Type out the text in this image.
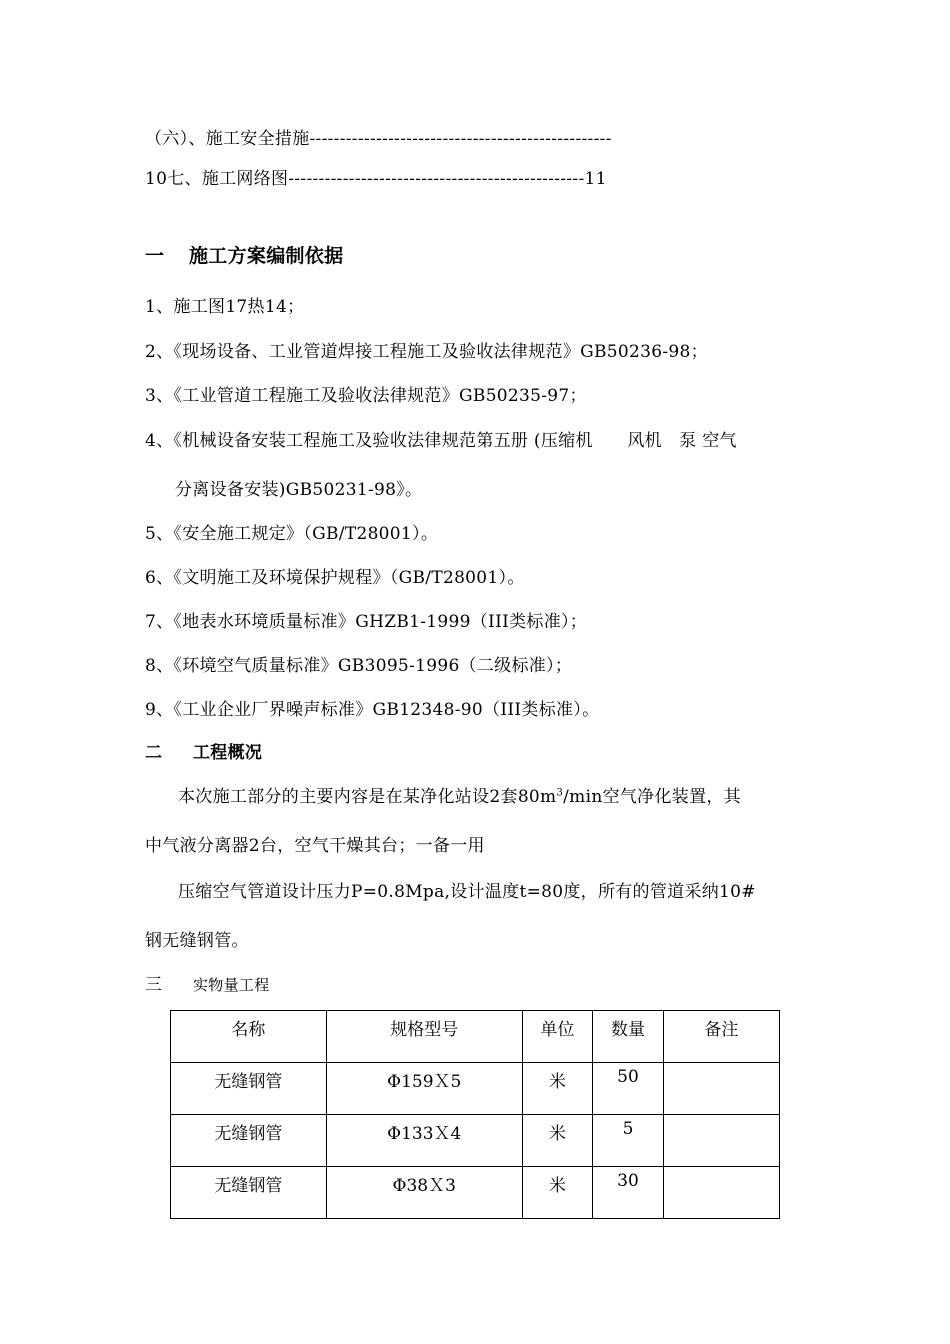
（六）、施工安全措施--------------------------------------------------
10七、施工网络图-------------------------------------------------11
一 施工方案编制依据
1、施工图17热14；
2、《现场设备、工业管道焊接工程施工及验收法律规范》GB50236-98；
3、《工业管道工程施工及验收法律规范》GB50235-97；
4、《机械设备安装工程施工及验收法律规范第五册 (压缩机　　风机　泵 空气
分离设备安装)GB50231-98》。
5、《安全施工规定》（GB/T28001）。
6、《文明施工及环境保护规程》（GB/T28001）。
7、《地表水环境质量标准》GHZB1-1999（III类标准）；
8、《环境空气质量标准》GB3095-1996（二级标准）；
9、《工业企业厂界噪声标准》GB12348-90（III类标准）。
二 工程概况
本次施工部分的主要内容是在某净化站设2套$80m^3/\min$空气净化装置，其
中气液分离器2台，空气干燥其台；一备一用
压缩空气管道设计压力P=0.8Mpa,设计温度t=80度，所有的管道采纳10#
钢无缝钢管。
三 实物量工程
名称	规格型号	单位	数量	备注
无缝钢管	Φ159Ｘ5	米	50	
无缝钢管	Φ133Ｘ4	米	5	
无缝钢管	Φ38Ｘ3	米	30	
